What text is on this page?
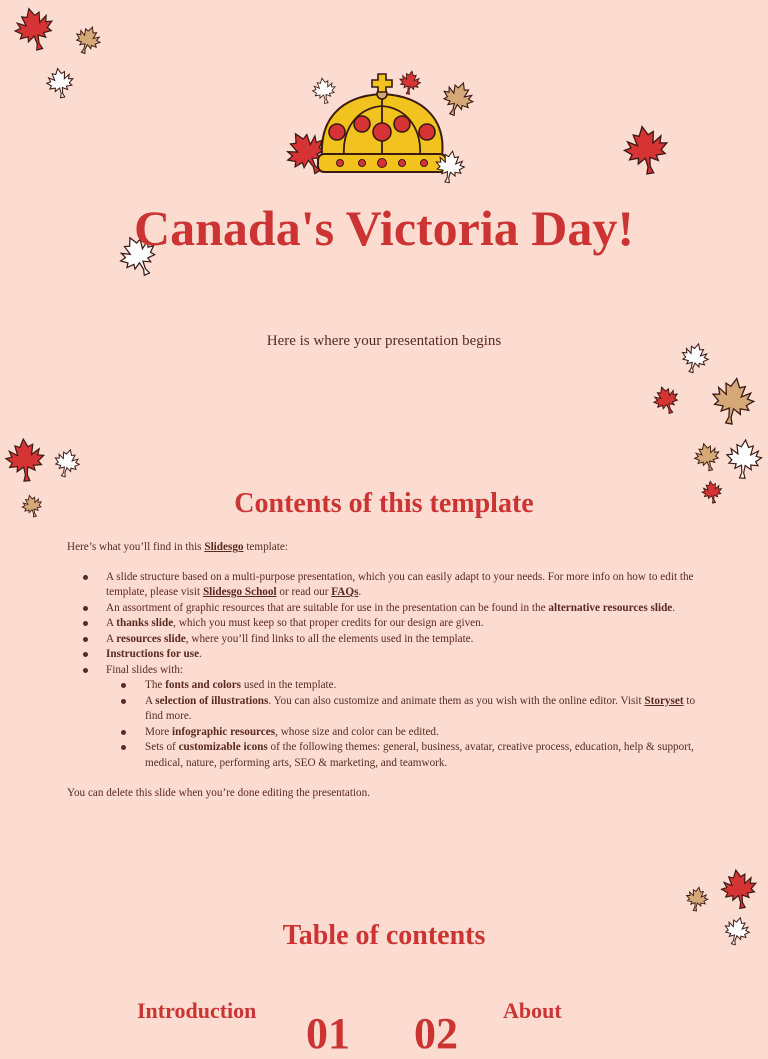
Canada's Victoria Day!
Here is where your presentation begins
Contents of this template

Here’s what you’ll find in this Slidesgo template:

A slide structure based on a multi-purpose presentation, which you can easily adapt to your needs. For more info on how to edit the template, please visit Slidesgo School or read our FAQs.
An assortment of graphic resources that are suitable for use in the presentation can be found in the alternative resources slide.
A thanks slide, which you must keep so that proper credits for our design are given.
A resources slide, where you’ll find links to all the elements used in the template.
Instructions for use.
Final slides with:
The fonts and colors used in the template.
A selection of illustrations. You can also customize and animate them as you wish with the online editor. Visit Storyset to find more.
More infographic resources, whose size and color can be edited.
Sets of customizable icons of the following themes: general, business, avatar, creative process, education, help & support, medical, nature, performing arts, SEO & marketing, and teamwork.

You can delete this slide when you’re done editing the presentation.

Table of contents
Introduction 01 02 About
